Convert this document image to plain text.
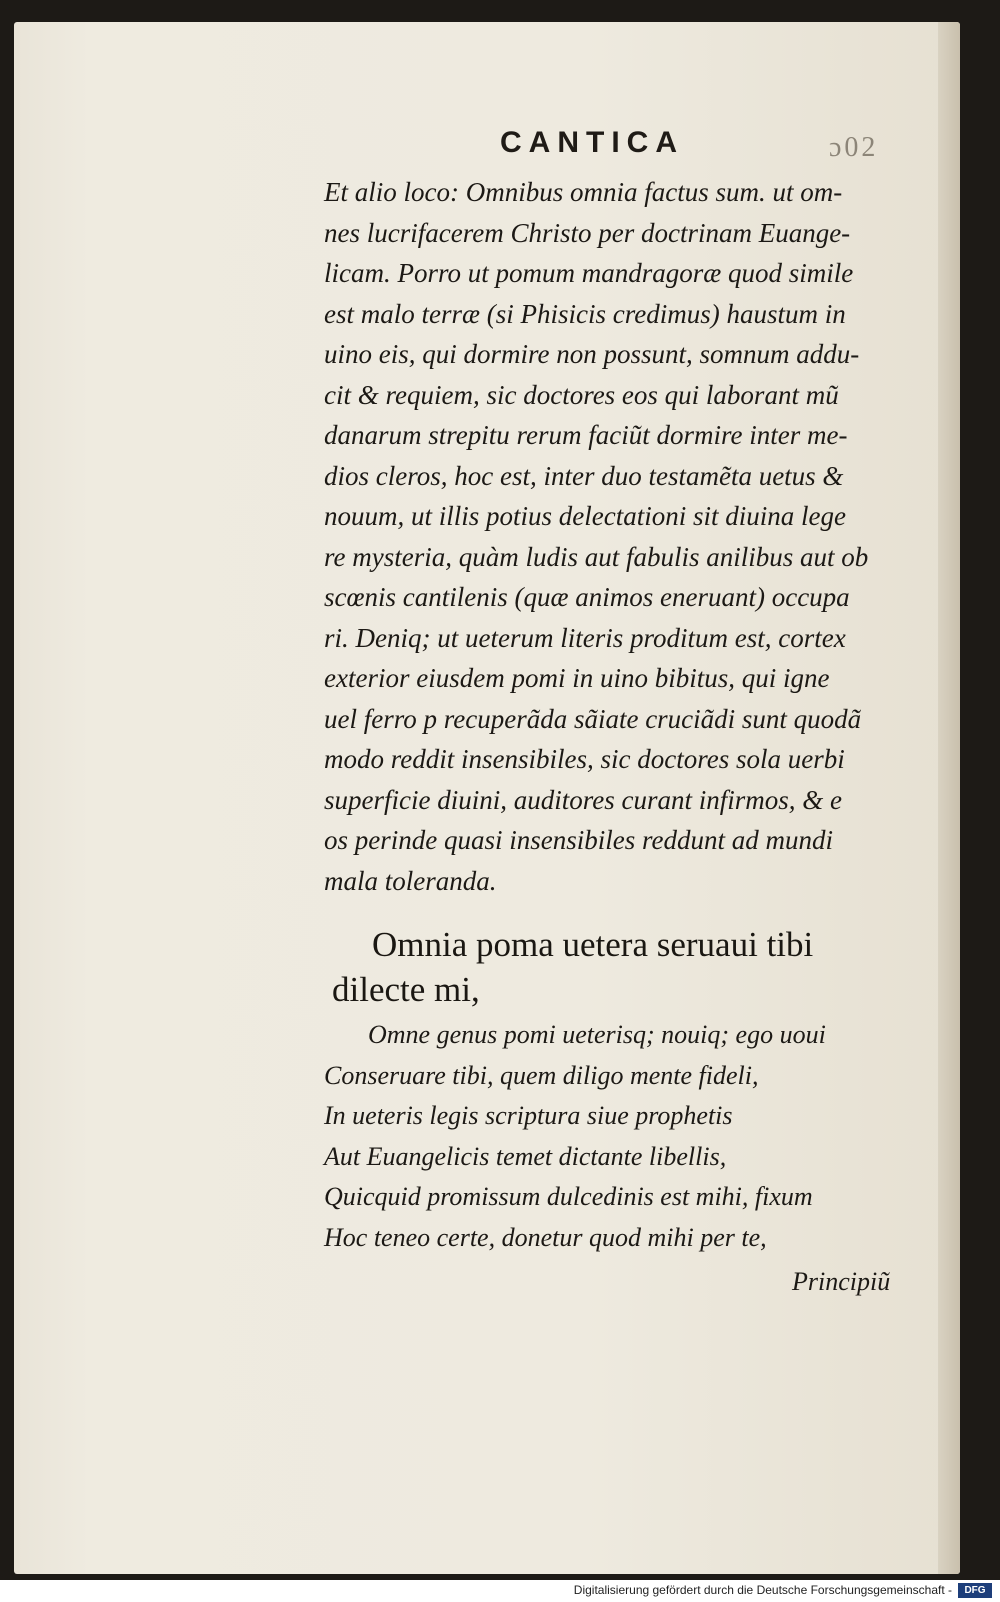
CANTICA	ɔ02
Et alio loco: Omnibus omnia factus sum. ut om-
nes lucrifacerem Christo per doctrinam Euange-
licam. Porro ut pomum mandragoræ quod simile
est malo terræ (si Phisicis credimus) haustum in
uino eis, qui dormire non possunt, somnum addu-
cit & requiem, sic doctores eos qui laborant mũ
danarum strepitu rerum faciũt dormire inter me-
dios cleros, hoc est, inter duo testamẽta uetus &
nouum, ut illis potius delectationi sit diuina lege
re mysteria, quàm ludis aut fabulis anilibus aut ob
scœnis cantilenis (quæ animos eneruant) occupa
ri. Deniq; ut ueterum literis proditum est, cortex
exterior eiusdem pomi in uino bibitus, qui igne
uel ferro p recuperãda sãiate cruciãdi sunt quodã
modo reddit insensibiles, sic doctores sola uerbi
superficie diuini, auditores curant infirmos, & e
os perinde quasi insensibiles reddunt ad mundi
mala toleranda.
Omnia poma uetera seruaui tibi
dilecte mi,
Omne genus pomi ueterisq; nouiq; ego uoui
Conseruare tibi, quem diligo mente fideli,
In ueteris legis scriptura siue prophetis
Aut Euangelicis temet dictante libellis,
Quicquid promissum dulcedinis est mihi, fixum
Hoc teneo certe, donetur quod mihi per te,
Principiũ
Digitalisierung gefördert durch die Deutsche Forschungsgemeinschaft -	DFG
